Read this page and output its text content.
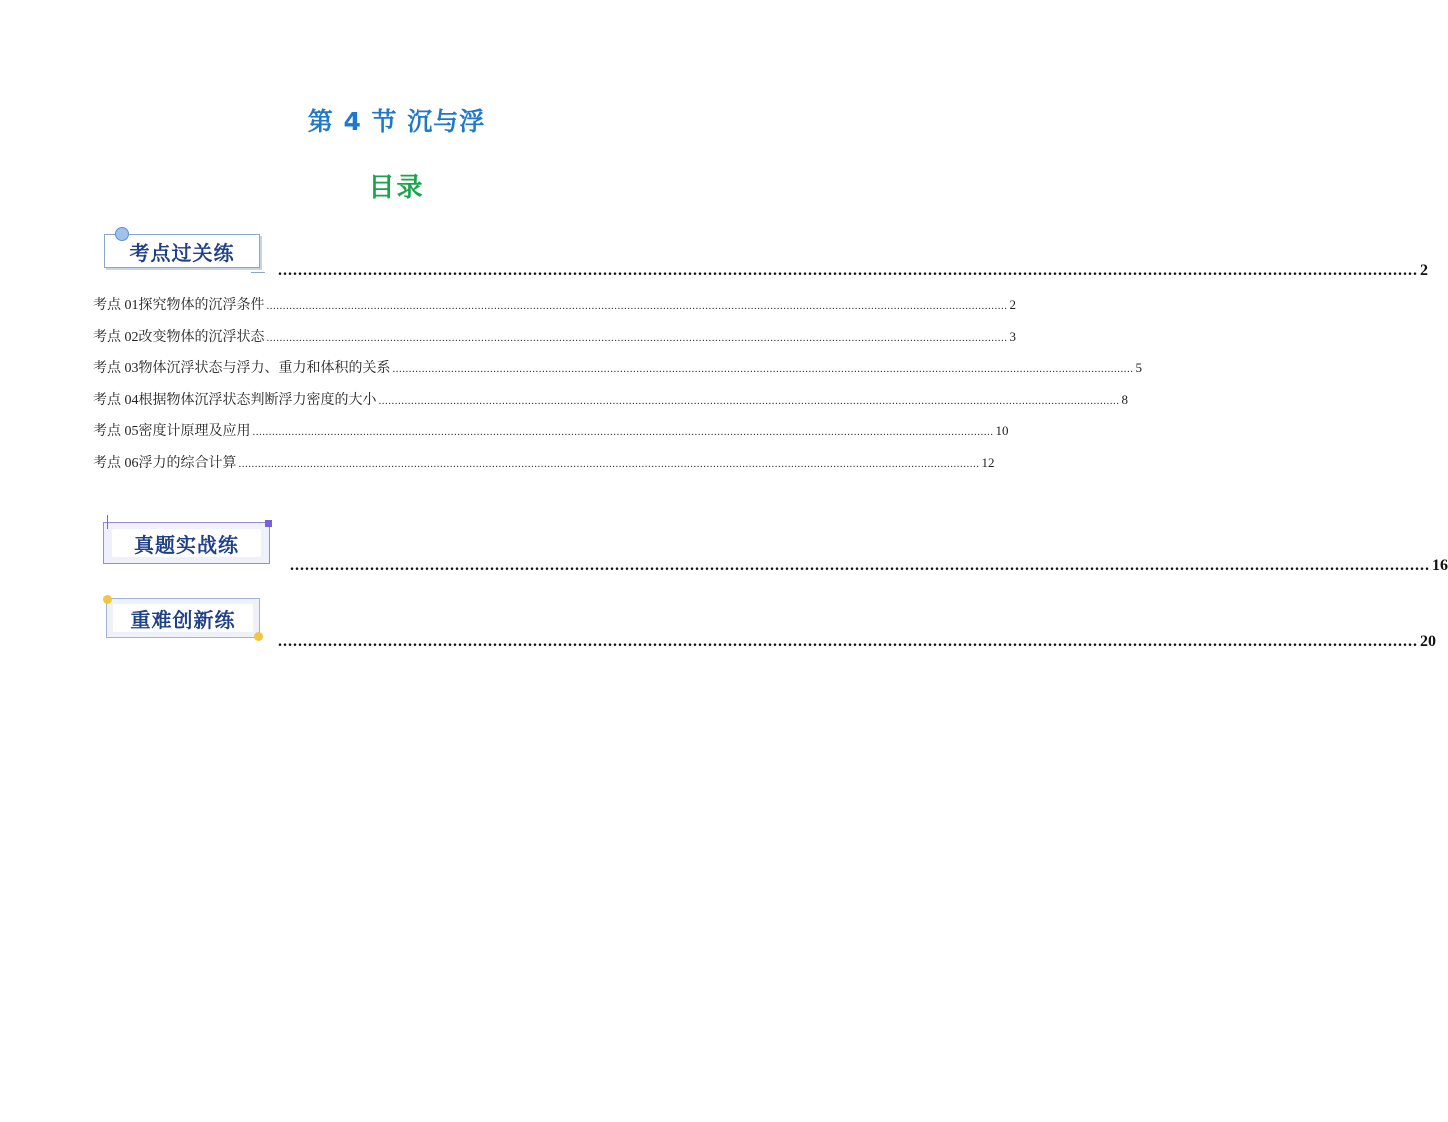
第 4 节 沉与浮
目录
考点过关练
.................................................................................................................................................................................................................................... 2
考点 01 探究物体的沉浮条件 .................................................................................................................................................................................................................................... 2
考点 02 改变物体的沉浮状态 .................................................................................................................................................................................................................................... 3
考点 03 物体沉浮状态与浮力、重力和体积的关系 .................................................................................................................................................................................................................................... 5
考点 04 根据物体沉浮状态判断浮力密度的大小 .................................................................................................................................................................................................................................... 8
考点 05 密度计原理及应用 .................................................................................................................................................................................................................................... 10
考点 06 浮力的综合计算 .................................................................................................................................................................................................................................... 12
真题实战练
.................................................................................................................................................................................................................................... 16
重难创新练
.................................................................................................................................................................................................................................... 20
